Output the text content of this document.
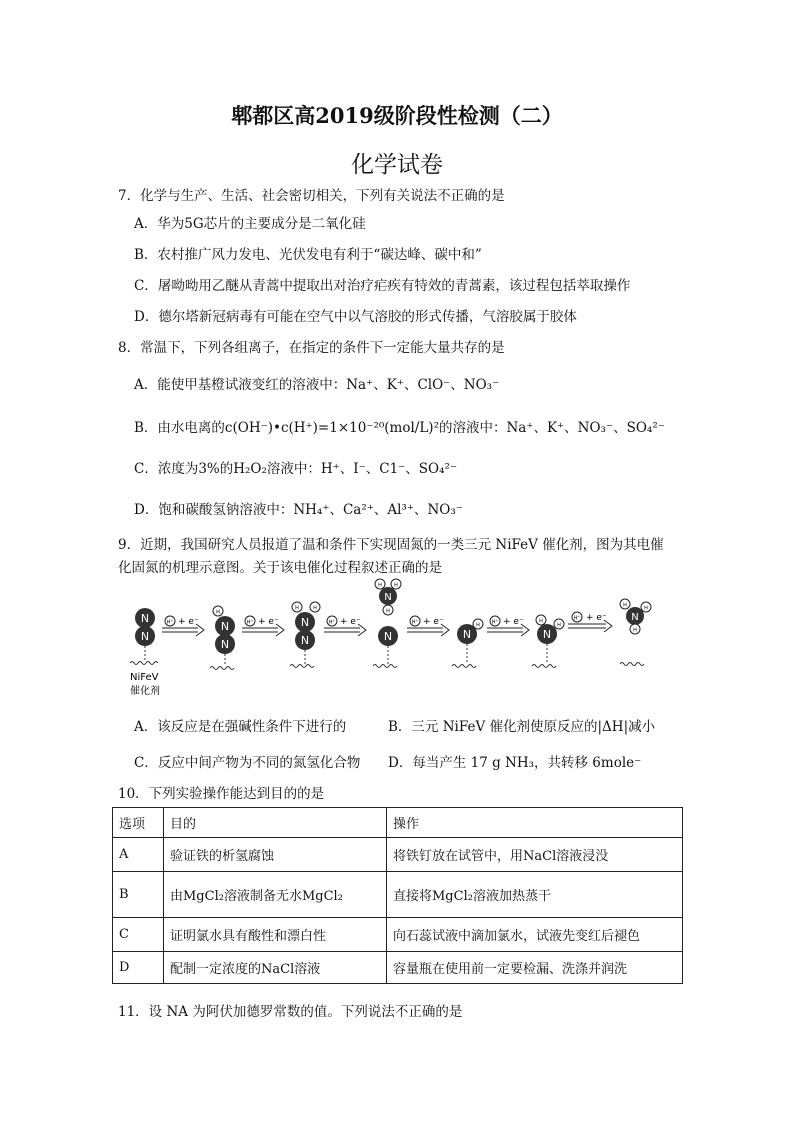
郫都区高2019级阶段性检测（二）
化学试卷
7．化学与生产、生活、社会密切相关，下列有关说法不正确的是
A．华为5G芯片的主要成分是二氧化硅
B．农村推广风力发电、光伏发电有利于“碳达峰、碳中和”
C．屠呦呦用乙醚从青蒿中提取出对治疗疟疾有特效的青蒿素，该过程包括萃取操作
D．德尔塔新冠病毒有可能在空气中以气溶胶的形式传播，气溶胶属于胶体
8．常温下，下列各组离子，在指定的条件下一定能大量共存的是
A．能使甲基橙试液变红的溶液中：Na⁺、K⁺、ClO⁻、NO₃⁻
B．由水电离的c(OH⁻)•c(H⁺)=1×10⁻²⁰(mol/L)²的溶液中：Na⁺、K⁺、NO₃⁻、SO₄²⁻
C．浓度为3%的H₂O₂溶液中：H⁺、I⁻、C1⁻、SO₄²⁻
D．饱和碳酸氢钠溶液中：NH₄⁺、Ca²⁺、Al³⁺、NO₃⁻
9．近期，我国研究人员报道了温和条件下实现固氮的一类三元 NiFeV 催化剂，图为其电催
化固氮的机理示意图。关于该电催化过程叙述正确的是
N
N
H⁺ + e⁻ N
N
H
H⁺ + e⁻ N
N
H	H
H⁺ + e⁻
N
H H
H
N
H⁺ + e⁻
N
H H⁺ + e⁻
N
H
H
+ e⁻
H⁺	N
H	H
H
NiFeV
催化剂
A．该反应是在强碱性条件下进行的	B．三元 NiFeV 催化剂使原反应的|ΔH|减小
C．反应中间产物为不同的氮氢化合物 D．每当产生 17 g NH₃，共转移 6mole⁻
10．下列实验操作能达到目的的是
选项	目的	操作
A	验证铁的析氢腐蚀	将铁钉放在试管中，用NaCl溶液浸没
B	由MgCl₂溶液制备无水MgCl₂	直接将MgCl₂溶液加热蒸干
C	证明氯水具有酸性和漂白性	向石蕊试液中滴加氯水，试液先变红后褪色
D	配制一定浓度的NaCl溶液	容量瓶在使用前一定要检漏、洗涤并润洗
11．设 NA 为阿伏加德罗常数的值。下列说法不正确的是
